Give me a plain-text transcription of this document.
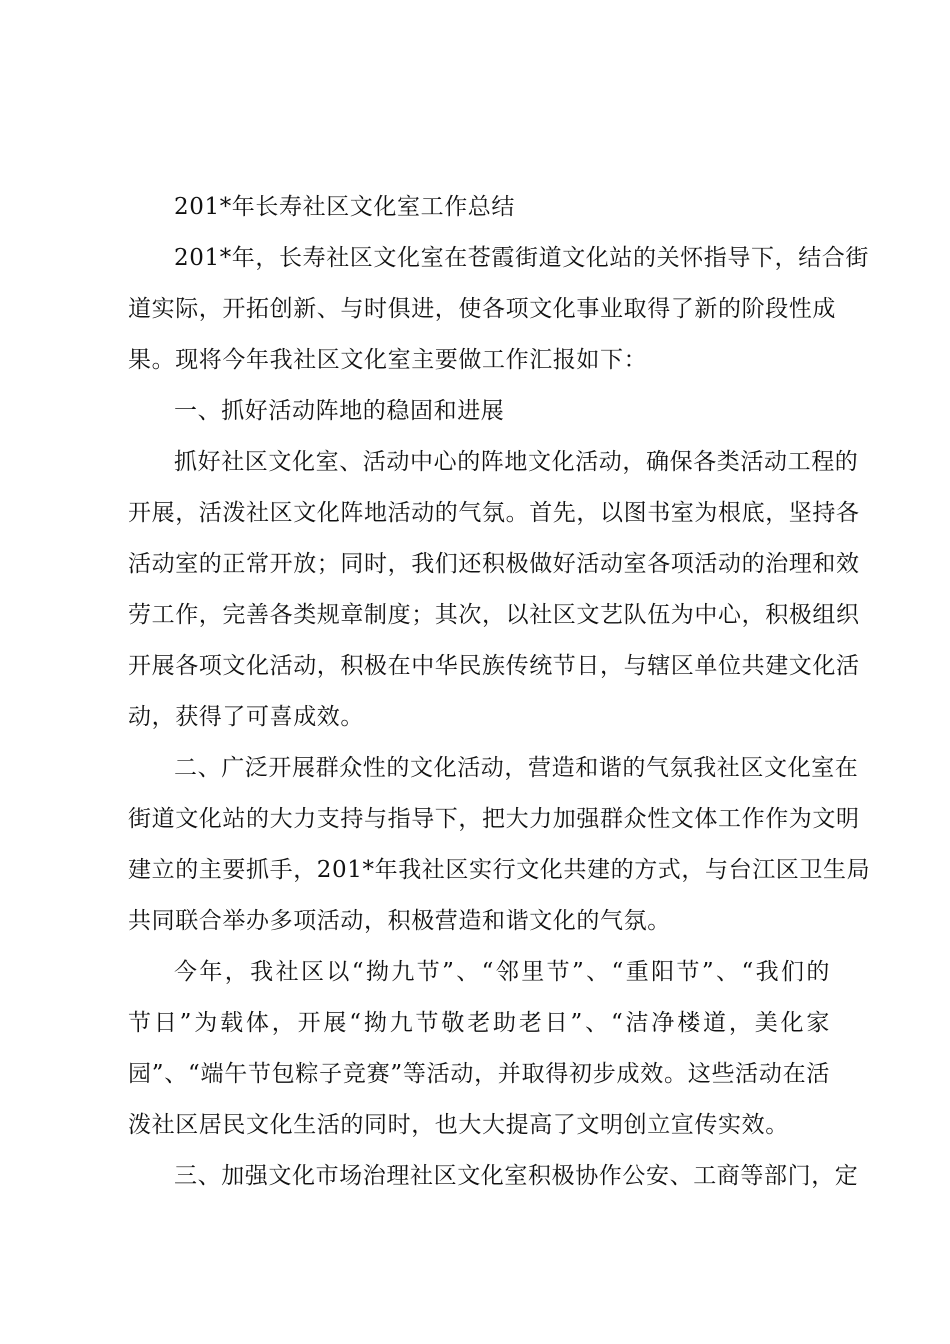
201*年长寿社区文化室工作总结
201*年，长寿社区文化室在苍霞街道文化站的关怀指导下，结合街
道实际，开拓创新、与时俱进，使各项文化事业取得了新的阶段性成
果。现将今年我社区文化室主要做工作汇报如下：
一、抓好活动阵地的稳固和进展
抓好社区文化室、活动中心的阵地文化活动，确保各类活动工程的
开展，活泼社区文化阵地活动的气氛。首先，以图书室为根底，坚持各
活动室的正常开放；同时，我们还积极做好活动室各项活动的治理和效
劳工作，完善各类规章制度；其次，以社区文艺队伍为中心，积极组织
开展各项文化活动，积极在中华民族传统节日，与辖区单位共建文化活
动，获得了可喜成效。
二、广泛开展群众性的文化活动，营造和谐的气氛我社区文化室在
街道文化站的大力支持与指导下，把大力加强群众性文体工作作为文明
建立的主要抓手，201*年我社区实行文化共建的方式，与台江区卫生局
共同联合举办多项活动，积极营造和谐文化的气氛。
今年，我社区以“拗九节”、“邻里节”、“重阳节”、“我们的
节日”为载体，开展“拗九节敬老助老日”、“洁净楼道，美化家
园”、“端午节包粽子竞赛”等活动，并取得初步成效。这些活动在活
泼社区居民文化生活的同时，也大大提高了文明创立宣传实效。
三、加强文化市场治理社区文化室积极协作公安、工商等部门，定
